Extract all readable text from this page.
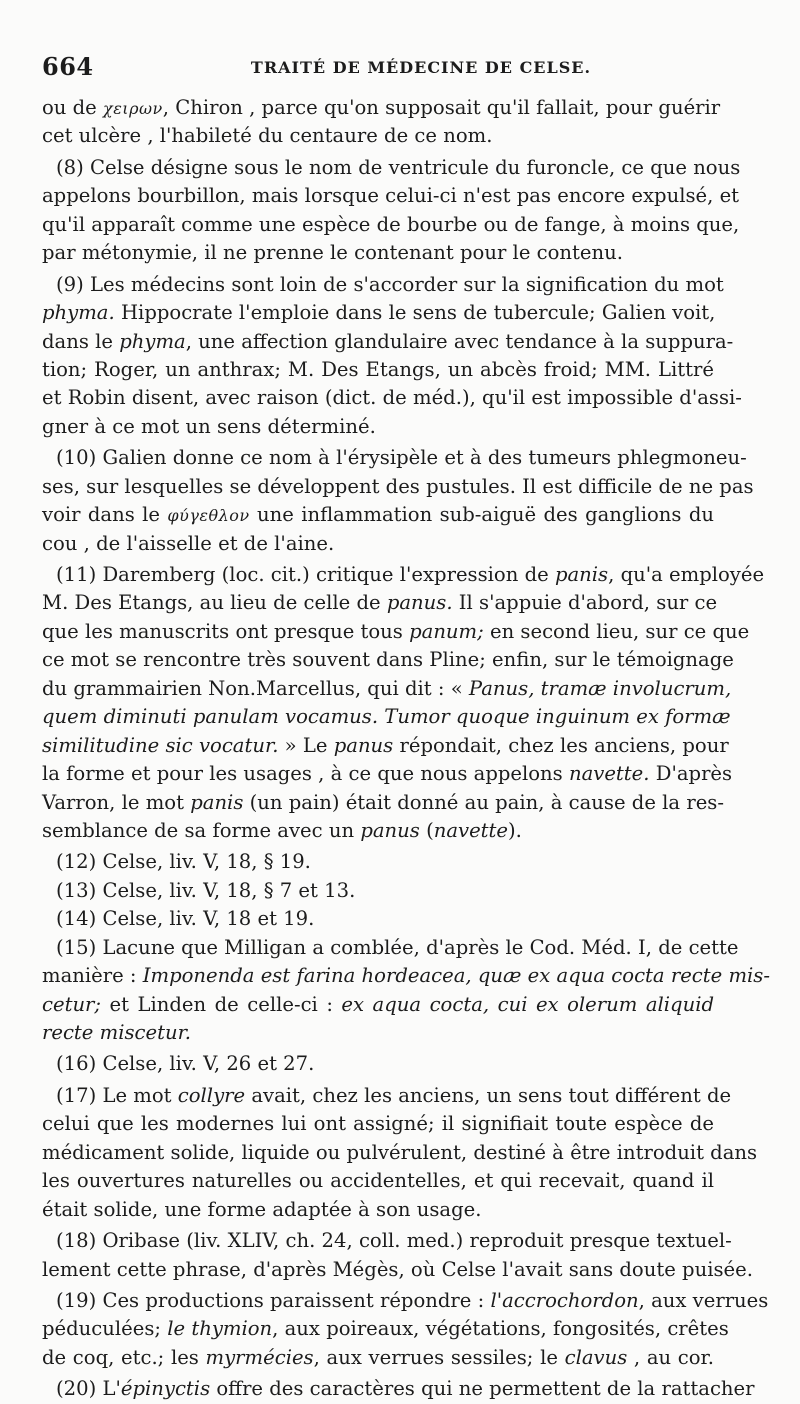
664	TRAITÉ DE MÉDECINE DE CELSE.
ou de χειρων, Chiron , parce qu'on supposait qu'il fallait, pour guérir
cet ulcère , l'habileté du centaure de ce nom.
(8) Celse désigne sous le nom de ventricule du furoncle, ce que nous
appelons bourbillon, mais lorsque celui-ci n'est pas encore expulsé, et
qu'il apparaît comme une espèce de bourbe ou de fange, à moins que,
par métonymie, il ne prenne le contenant pour le contenu.
(9) Les médecins sont loin de s'accorder sur la signification du mot
phyma. Hippocrate l'emploie dans le sens de tubercule; Galien voit,
dans le phyma, une affection glandulaire avec tendance à la suppura-
tion; Roger, un anthrax; M. Des Etangs, un abcès froid; MM. Littré
et Robin disent, avec raison (dict. de méd.), qu'il est impossible d'assi-
gner à ce mot un sens déterminé.
(10) Galien donne ce nom à l'érysipèle et à des tumeurs phlegmoneu-
ses, sur lesquelles se développent des pustules. Il est difficile de ne pas
voir dans le φύγεθλον une inflammation sub-aiguë des ganglions du
cou , de l'aisselle et de l'aine.
(11) Daremberg (loc. cit.) critique l'expression de panis, qu'a employée
M. Des Etangs, au lieu de celle de panus. Il s'appuie d'abord, sur ce
que les manuscrits ont presque tous panum; en second lieu, sur ce que
ce mot se rencontre très souvent dans Pline; enfin, sur le témoignage
du grammairien Non.Marcellus, qui dit : « Panus, tramæ involucrum,
quem diminuti panulam vocamus. Tumor quoque inguinum ex formæ
similitudine sic vocatur. » Le panus répondait, chez les anciens, pour
la forme et pour les usages , à ce que nous appelons navette. D'après
Varron, le mot panis (un pain) était donné au pain, à cause de la res-
semblance de sa forme avec un panus (navette).
(12) Celse, liv. V, 18, § 19.
(13) Celse, liv. V, 18, § 7 et 13.
(14) Celse, liv. V, 18 et 19.
(15) Lacune que Milligan a comblée, d'après le Cod. Méd. I, de cette
manière : Imponenda est farina hordeacea, quæ ex aqua cocta recte mis-
cetur; et Linden de celle-ci : ex aqua cocta, cui ex olerum aliquid
recte miscetur.
(16) Celse, liv. V, 26 et 27.
(17) Le mot collyre avait, chez les anciens, un sens tout différent de
celui que les modernes lui ont assigné; il signifiait toute espèce de
médicament solide, liquide ou pulvérulent, destiné à être introduit dans
les ouvertures naturelles ou accidentelles, et qui recevait, quand il
était solide, une forme adaptée à son usage.
(18) Oribase (liv. XLIV, ch. 24, coll. med.) reproduit presque textuel-
lement cette phrase, d'après Mégès, où Celse l'avait sans doute puisée.
(19) Ces productions paraissent répondre : l'accrochordon, aux verrues
péduculées; le thymion, aux poireaux, végétations, fongosités, crêtes
de coq, etc.; les myrmécies, aux verrues sessiles; le clavus , au cor.
(20) L'épinyctis offre des caractères qui ne permettent de la rattacher
